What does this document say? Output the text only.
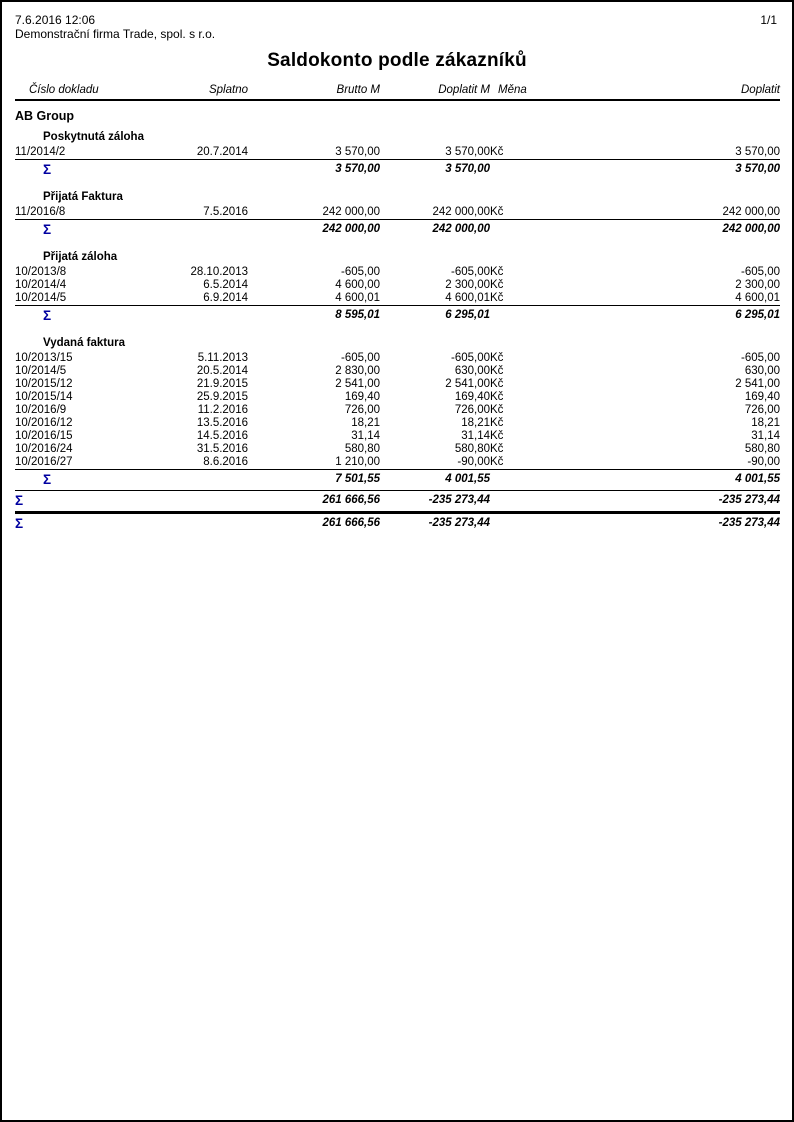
7.6.2016 12:06
Demonstrační firma Trade, spol. s r.o.
1/1
Saldokonto podle zákazníků
Číslo dokladu	Splatno	Brutto M	Doplatit M	Měna	Doplatit
AB Group					
Poskytnutá záloha					
11/2014/2	20.7.2014	3 570,00	3 570,00	Kč	3 570,00
Σ		3 570,00	3 570,00		3 570,00

Přijatá Faktura					
11/2016/8	7.5.2016	242 000,00	242 000,00	Kč	242 000,00
Σ		242 000,00	242 000,00		242 000,00

Přijatá záloha					
10/2013/8	28.10.2013	-605,00	-605,00	Kč	-605,00
10/2014/4	6.5.2014	4 600,00	2 300,00	Kč	2 300,00
10/2014/5	6.9.2014	4 600,01	4 600,01	Kč	4 600,01
Σ		8 595,01	6 295,01		6 295,01

Vydaná faktura					
10/2013/15	5.11.2013	-605,00	-605,00	Kč	-605,00
10/2014/5	20.5.2014	2 830,00	630,00	Kč	630,00
10/2015/12	21.9.2015	2 541,00	2 541,00	Kč	2 541,00
10/2015/14	25.9.2015	169,40	169,40	Kč	169,40
10/2016/9	11.2.2016	726,00	726,00	Kč	726,00
10/2016/12	13.5.2016	18,21	18,21	Kč	18,21
10/2016/15	14.5.2016	31,14	31,14	Kč	31,14
10/2016/24	31.5.2016	580,80	580,80	Kč	580,80
10/2016/27	8.6.2016	1 210,00	-90,00	Kč	-90,00
Σ		7 501,55	4 001,55		4 001,55
Σ		261 666,56	-235 273,44		-235 273,44
Σ		261 666,56	-235 273,44		-235 273,44
